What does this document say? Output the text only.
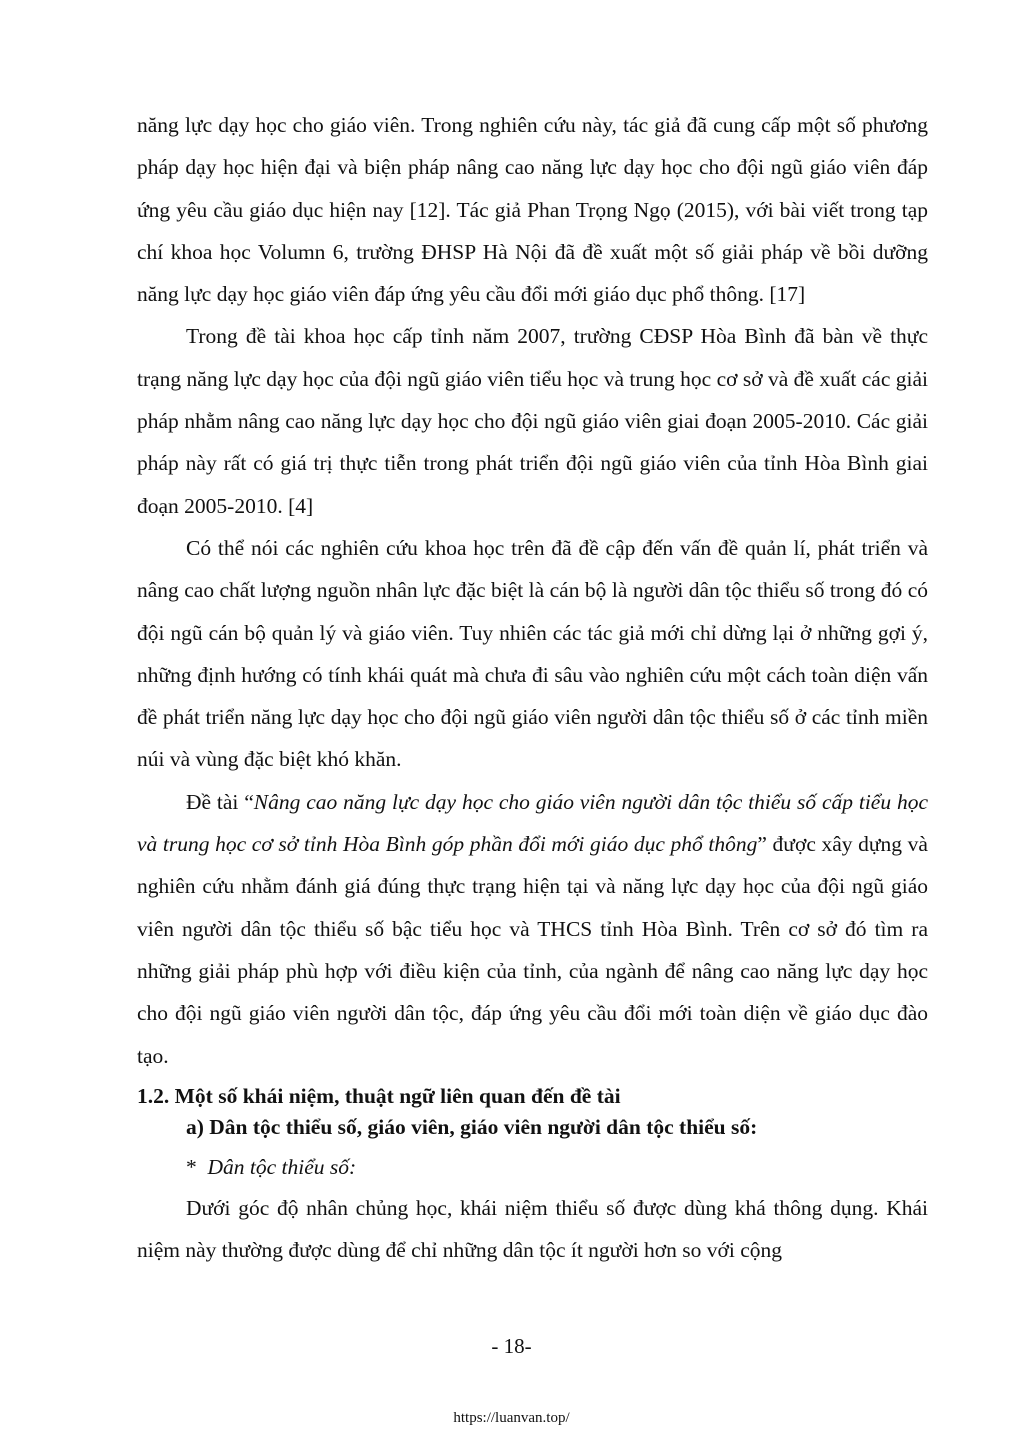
năng lực dạy học cho giáo viên. Trong nghiên cứu này, tác giả đã cung cấp một số phương pháp dạy học hiện đại và biện pháp nâng cao năng lực dạy học cho đội ngũ giáo viên đáp ứng yêu cầu giáo dục hiện nay [12]. Tác giả Phan Trọng Ngọ (2015), với bài viết trong tạp chí khoa học Volumn 6, trường ĐHSP Hà Nội đã đề xuất một số giải pháp về bồi dưỡng năng lực dạy học giáo viên đáp ứng yêu cầu đổi mới giáo dục phổ thông. [17]

Trong đề tài khoa học cấp tỉnh năm 2007, trường CĐSP Hòa Bình đã bàn về thực trạng năng lực dạy học của đội ngũ giáo viên tiểu học và trung học cơ sở và đề xuất các giải pháp nhằm nâng cao năng lực dạy học cho đội ngũ giáo viên giai đoạn 2005-2010. Các giải pháp này rất có giá trị thực tiễn trong phát triển đội ngũ giáo viên của tỉnh Hòa Bình giai đoạn 2005-2010. [4]

Có thể nói các nghiên cứu khoa học trên đã đề cập đến vấn đề quản lí, phát triển và nâng cao chất lượng nguồn nhân lực đặc biệt là cán bộ là người dân tộc thiểu số trong đó có đội ngũ cán bộ quản lý và giáo viên. Tuy nhiên các tác giả mới chỉ dừng lại ở những gợi ý, những định hướng có tính khái quát mà chưa đi sâu vào nghiên cứu một cách toàn diện vấn đề phát triển năng lực dạy học cho đội ngũ giáo viên người dân tộc thiểu số ở các tỉnh miền núi và vùng đặc biệt khó khăn.

Đề tài “Nâng cao năng lực dạy học cho giáo viên người dân tộc thiểu số cấp tiểu học và trung học cơ sở tỉnh Hòa Bình góp phần đổi mới giáo dục phổ thông” được xây dựng và nghiên cứu nhằm đánh giá đúng thực trạng hiện tại và năng lực dạy học của đội ngũ giáo viên người dân tộc thiểu số bậc tiểu học và THCS tỉnh Hòa Bình. Trên cơ sở đó tìm ra những giải pháp phù hợp với điều kiện của tỉnh, của ngành để nâng cao năng lực dạy học cho đội ngũ giáo viên người dân tộc, đáp ứng yêu cầu đổi mới toàn diện về giáo dục đào tạo.

1.2. Một số khái niệm, thuật ngữ liên quan đến đề tài
a) Dân tộc thiểu số, giáo viên, giáo viên người dân tộc thiểu số:
* Dân tộc thiểu số:

Dưới góc độ nhân chủng học, khái niệm thiểu số được dùng khá thông dụng. Khái niệm này thường được dùng để chỉ những dân tộc ít người hơn so với cộng

- 18-
https://luanvan.top/
